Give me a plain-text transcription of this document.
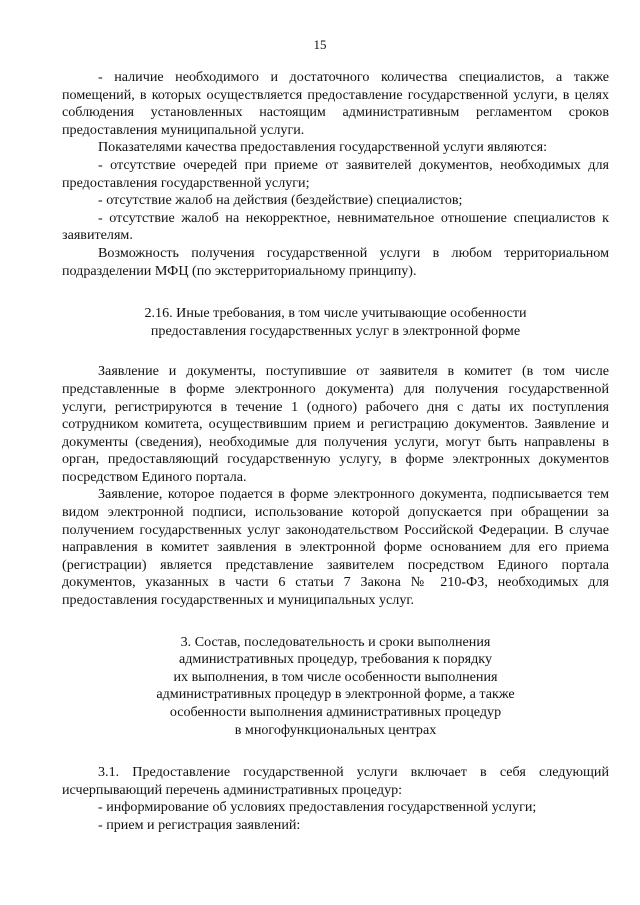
15

- наличие необходимого и достаточного количества специалистов, а также помещений, в которых осуществляется предоставление государственной услуги, в целях соблюдения установленных настоящим административным регламентом сроков предоставления муниципальной услуги.

Показателями качества предоставления государственной услуги являются:

- отсутствие очередей при приеме от заявителей документов, необходимых для предоставления государственной услуги;

- отсутствие жалоб на действия (бездействие) специалистов;

- отсутствие жалоб на некорректное, невнимательное отношение специалистов к заявителям.

Возможность получения государственной услуги в любом территориальном подразделении МФЦ (по экстерриториальному принципу).

2.16. Иные требования, в том числе учитывающие особенности
предоставления государственных услуг в электронной форме

Заявление и документы, поступившие от заявителя в комитет (в том числе представленные в форме электронного документа) для получения государственной услуги, регистрируются в течение 1 (одного) рабочего дня с даты их поступления сотрудником комитета, осуществившим прием и регистрацию документов. Заявление и документы (сведения), необходимые для получения услуги, могут быть направлены в орган, предоставляющий государственную услугу, в форме электронных документов посредством Единого портала.

Заявление, которое подается в форме электронного документа, подписывается тем видом электронной подписи, использование которой допускается при обращении за получением государственных услуг законодательством Российской Федерации. В случае направления в комитет заявления в электронной форме основанием для его приема (регистрации) является представление заявителем посредством Единого портала документов, указанных в части 6 статьи 7 Закона № 210-ФЗ, необходимых для предоставления государственных и муниципальных услуг.

3. Состав, последовательность и сроки выполнения
административных процедур, требования к порядку
их выполнения, в том числе особенности выполнения
административных процедур в электронной форме, а также
особенности выполнения административных процедур
в многофункциональных центрах

3.1. Предоставление государственной услуги включает в себя следующий исчерпывающий перечень административных процедур:

- информирование об условиях предоставления государственной услуги;

- прием и регистрация заявлений:
